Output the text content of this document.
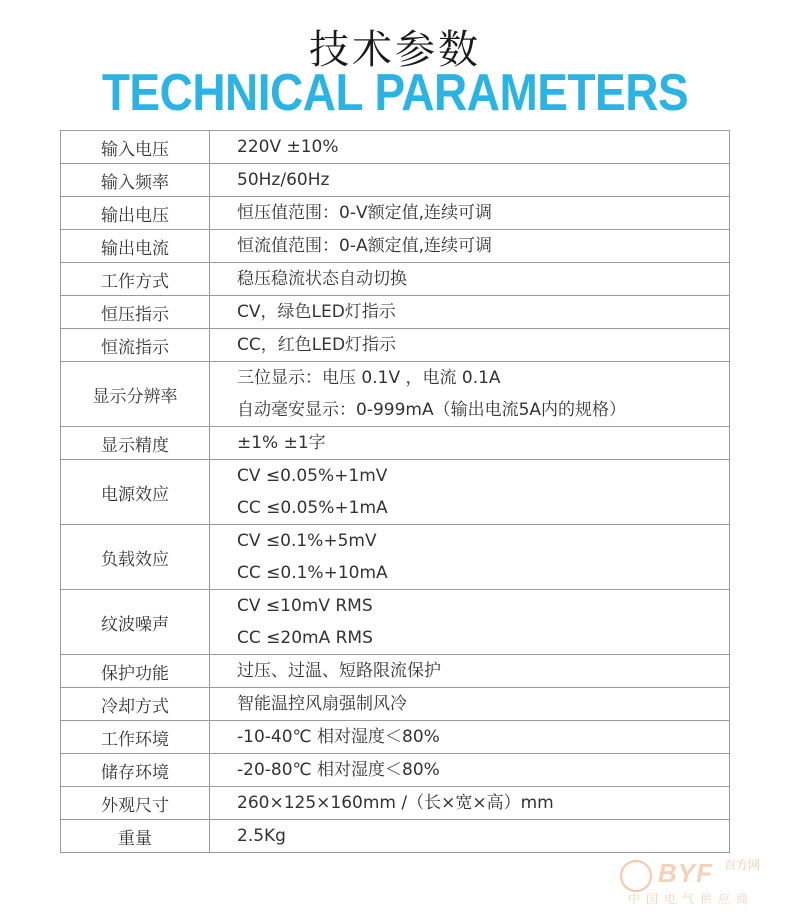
技术参数
TECHNICAL PARAMETERS
输入电压	220V ±10%

输入频率	50Hz/60Hz

输出电压	恒压值范围：0-V额定值,连续可调

输出电流	恒流值范围：0-A额定值,连续可调

工作方式	稳压稳流状态自动切换

恒压指示	CV，绿色LED灯指示

恒流指示	CC，红色LED灯指示

显示分辨率	三位显示：电压 0.1V ，电流 0.1A
自动毫安显示：0-999mA（输出电流5A内的规格）

显示精度	±1% ±1字

电源效应	CV ≤0.05%+1mV
CC ≤0.05%+1mA

负载效应	CV ≤0.1%+5mV
CC ≤0.1%+10mA

纹波噪声	CV ≤10mV RMS
CC ≤20mA RMS

保护功能	过压、过温、短路限流保护

冷却方式	智能温控风扇强制风冷

工作环境	-10-40℃ 相对湿度＜80%

储存环境	-20-80℃ 相对湿度＜80%

外观尺寸	260×125×160mm /（长×宽×高）mm

重量	2.5Kg
BYF 百方网
中国电气供应商
